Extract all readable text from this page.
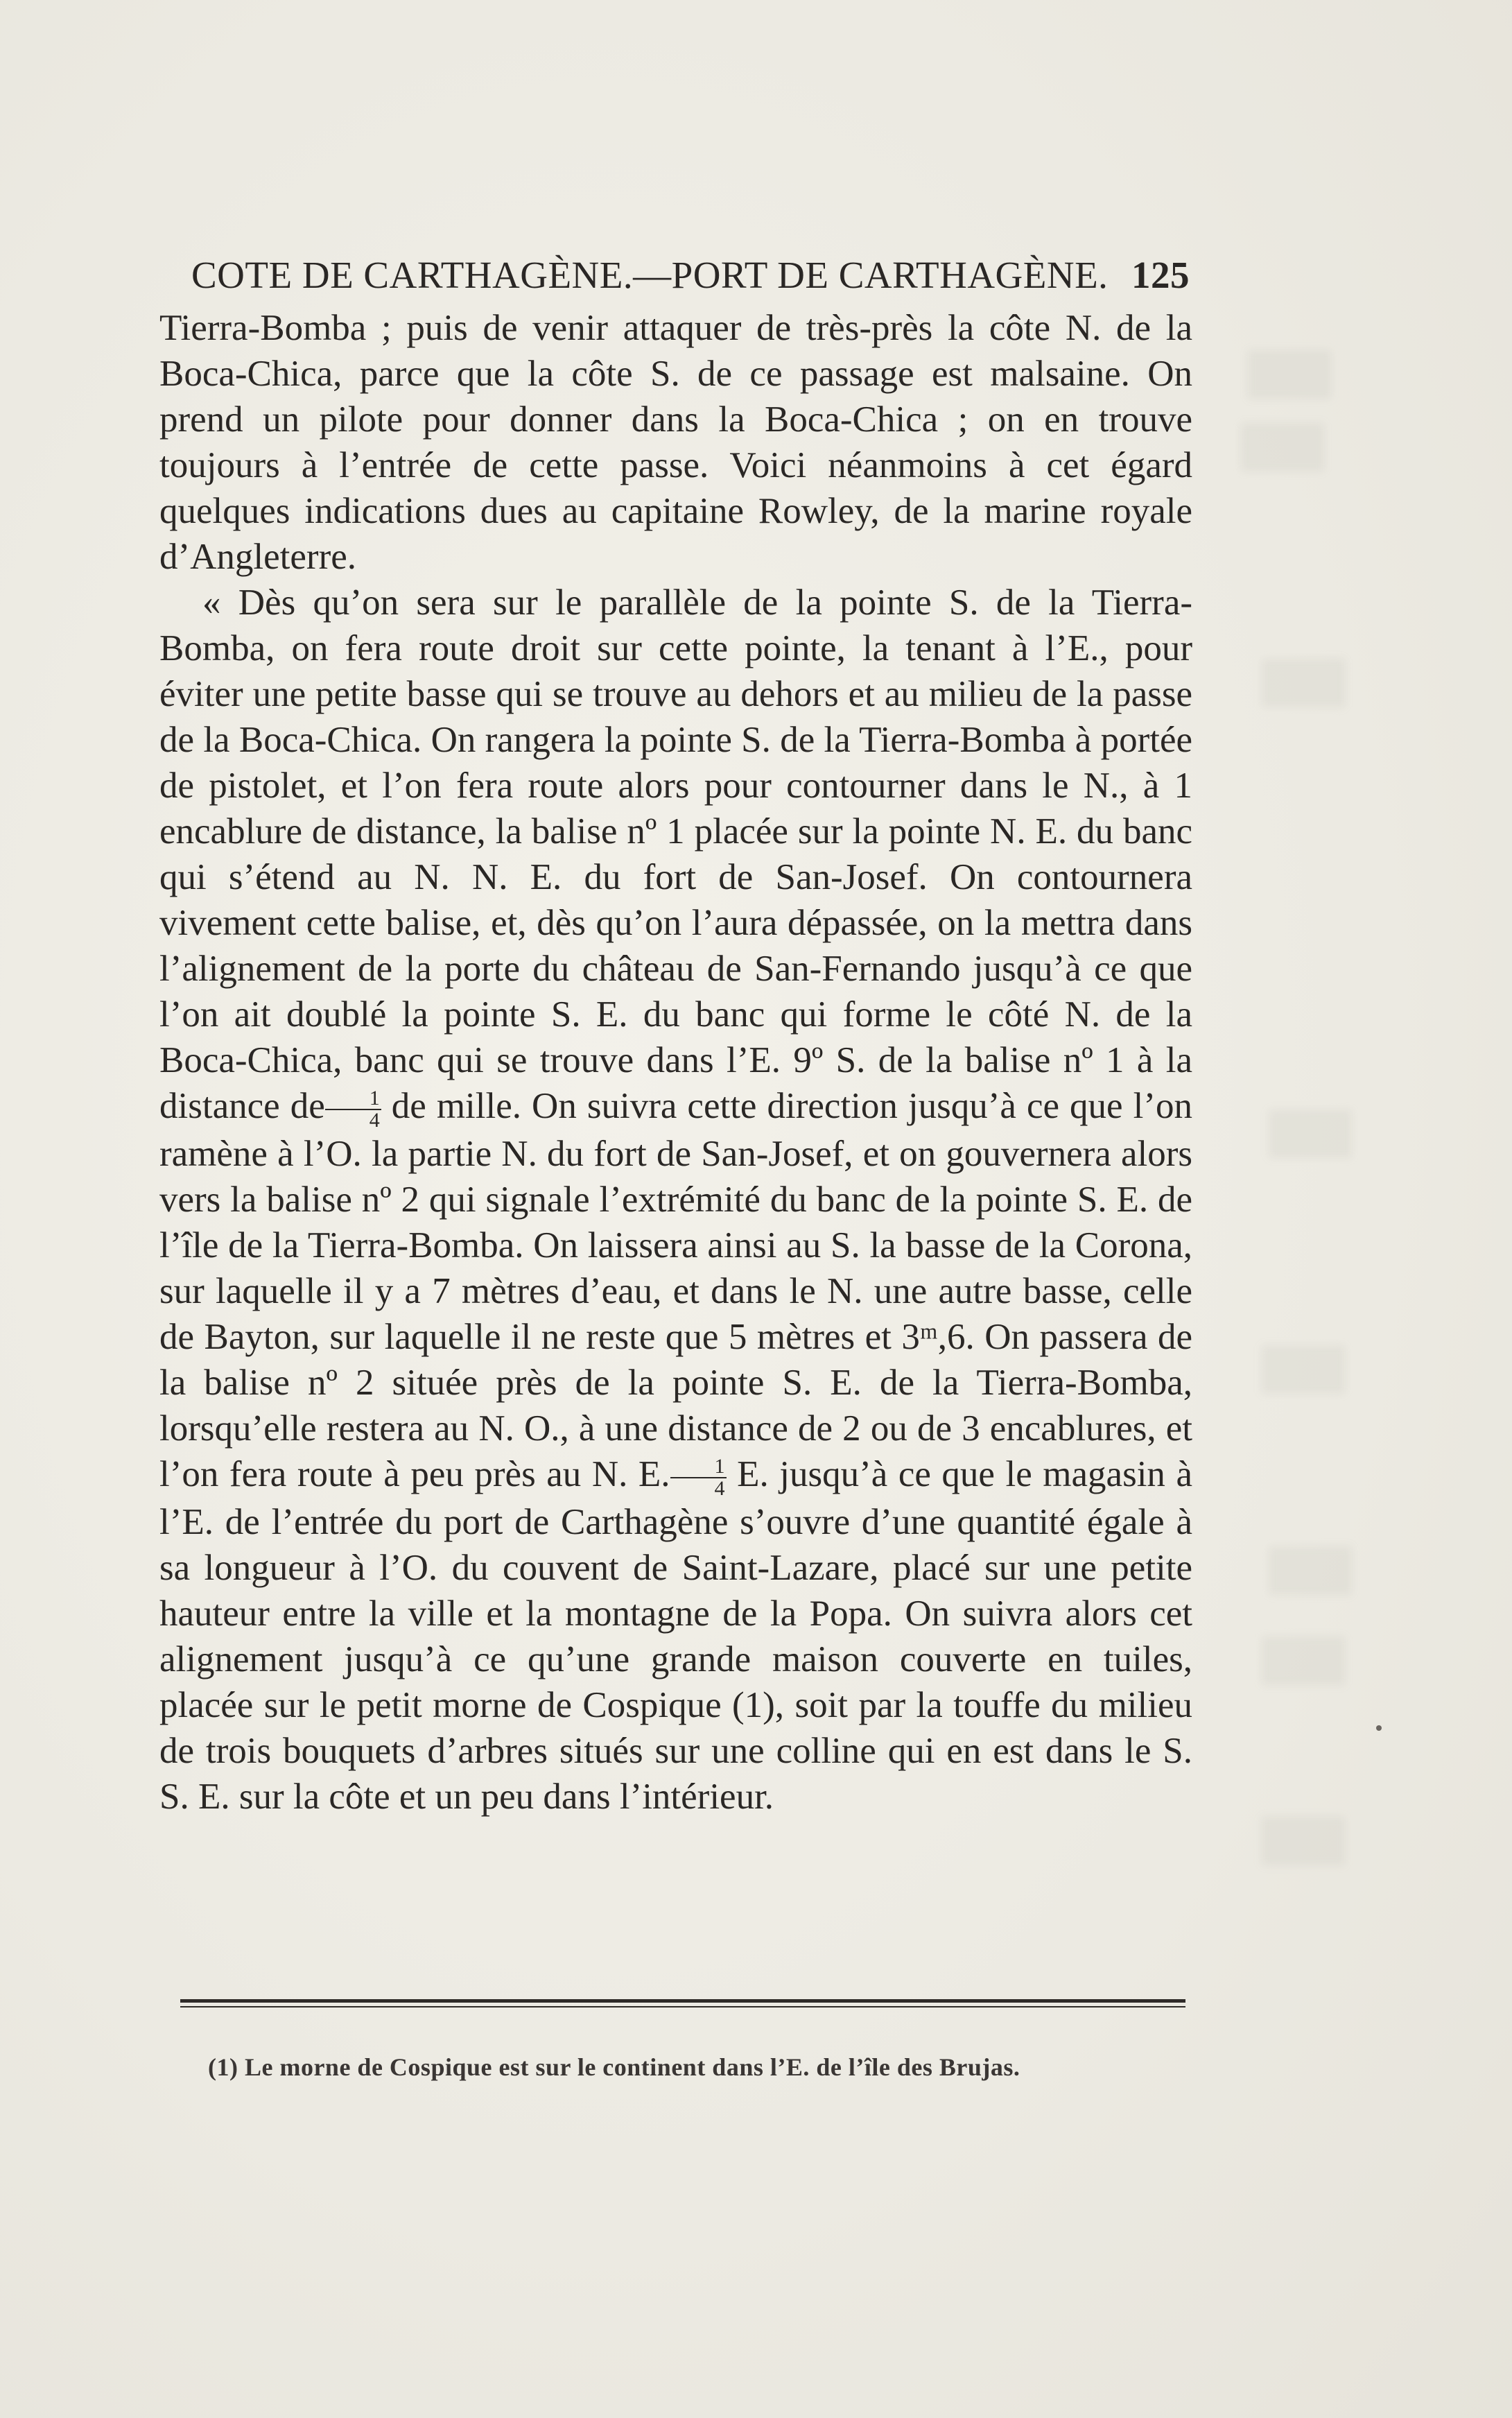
COTE DE CARTHAGÈNE.—PORT DE CARTHAGÈNE. 125

Tierra-Bomba ; puis de venir attaquer de très-près la côte N. de la Boca-Chica, parce que la côte S. de ce passage est malsaine. On prend un pilote pour donner dans la Boca-Chica ; on en trouve toujours à l’entrée de cette passe. Voici néanmoins à cet égard quelques indications dues au capitaine Rowley, de la marine royale d’Angleterre.

« Dès qu’on sera sur le parallèle de la pointe S. de la Tierra-Bomba, on fera route droit sur cette pointe, la tenant à l’E., pour éviter une petite basse qui se trouve au dehors et au milieu de la passe de la Boca-Chica. On rangera la pointe S. de la Tierra-Bomba à portée de pistolet, et l’on fera route alors pour contourner dans le N., à 1 encablure de distance, la balise nº 1 placée sur la pointe N. E. du banc qui s’étend au N. N. E. du fort de San-Josef. On contournera vivement cette balise, et, dès qu’on l’aura dépassée, on la mettra dans l’alignement de la porte du château de San-Fernando jusqu’à ce que l’on ait doublé la pointe S. E. du banc qui forme le côté N. de la Boca-Chica, banc qui se trouve dans l’E. 9º S. de la balise nº 1 à la distance de $\frac{1}{4}$ de mille. On suivra cette direction jusqu’à ce que l’on ramène à l’O. la partie N. du fort de San-Josef, et on gouvernera alors vers la balise nº 2 qui signale l’extrémité du banc de la pointe S. E. de l’île de la Tierra-Bomba. On laissera ainsi au S. la basse de la Corona, sur laquelle il y a 7 mètres d’eau, et dans le N. une autre basse, celle de Bayton, sur laquelle il ne reste que 5 mètres et 3ᵐ,6. On passera de la balise nº 2 située près de la pointe S. E. de la Tierra-Bomba, lorsqu’elle restera au N. O., à une distance de 2 ou de 3 encablures, et l’on fera route à peu près au N. E. $\frac{1}{4} E$. jusqu’à ce que le magasin à l’E. de l’entrée du port de Carthagène s’ouvre d’une quantité égale à sa longueur à l’O. du couvent de Saint-Lazare, placé sur une petite hauteur entre la ville et la montagne de la Popa. On suivra alors cet alignement jusqu’à ce qu’une grande maison couverte en tuiles, placée sur le petit morne de Cospique (1), soit par la touffe du milieu de trois bouquets d’arbres situés sur une colline qui en est dans le S. S. E. sur la côte et un peu dans l’intérieur.

(1) Le morne de Cospique est sur le continent dans l’E. de l’île des Brujas.
